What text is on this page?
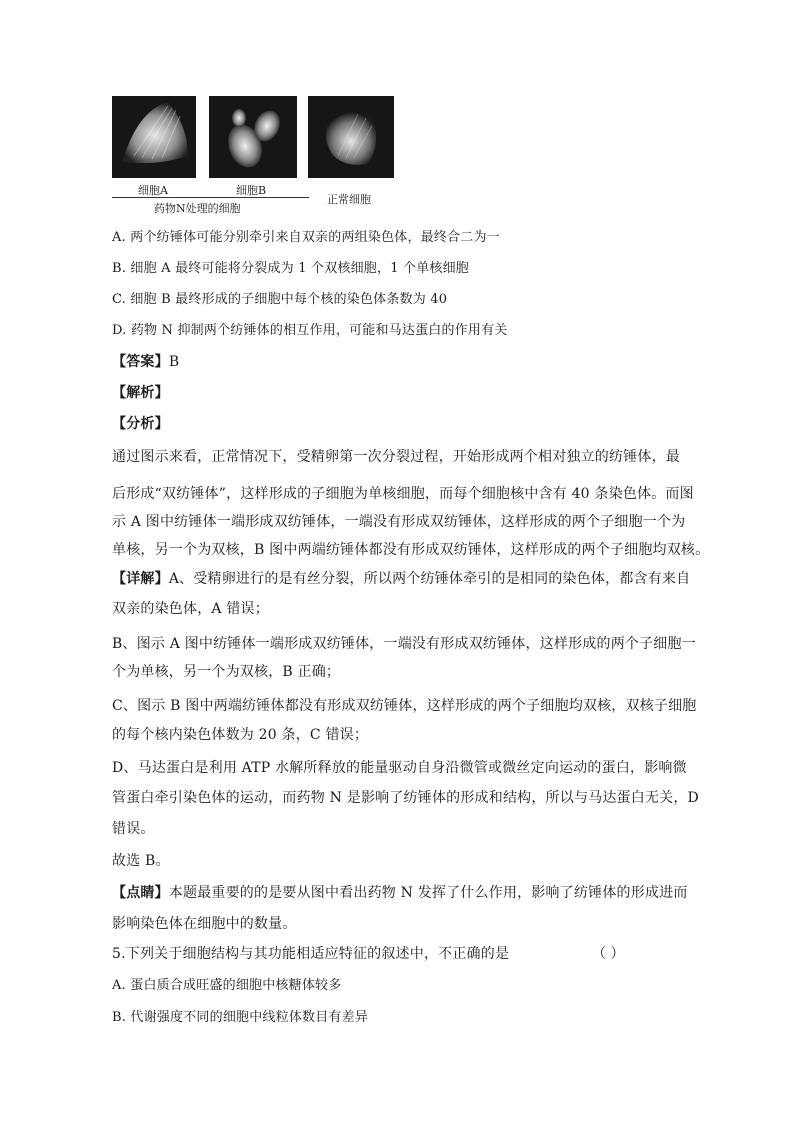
细胞A	细胞B
正常细胞
药物N处理的细胞
A. 两个纺锤体可能分别牵引来自双亲的两组染色体，最终合二为一
B. 细胞 A 最终可能将分裂成为 1 个双核细胞，1 个单核细胞
C. 细胞 B 最终形成的子细胞中每个核的染色体条数为 40
D. 药物 N 抑制两个纺锤体的相互作用，可能和马达蛋白的作用有关
【答案】B
【解析】
【分析】
通过图示来看，正常情况下，受精卵第一次分裂过程，开始形成两个相对独立的纺锤体，最
后形成“双纺锤体”，这样形成的子细胞为单核细胞，而每个细胞核中含有 40 条染色体。而图
示 A 图中纺锤体一端形成双纺锤体，一端没有形成双纺锤体，这样形成的两个子细胞一个为
单核，另一个为双核，B 图中两端纺锤体都没有形成双纺锤体，这样形成的两个子细胞均双核。
【详解】A、受精卵进行的是有丝分裂，所以两个纺锤体牵引的是相同的染色体，都含有来自
双亲的染色体，A 错误；
B、图示 A 图中纺锤体一端形成双纺锤体，一端没有形成双纺锤体，这样形成的两个子细胞一
个为单核，另一个为双核，B 正确；
C、图示 B 图中两端纺锤体都没有形成双纺锤体，这样形成的两个子细胞均双核，双核子细胞
的每个核内染色体数为 20 条，C 错误；
D、马达蛋白是利用 ATP 水解所释放的能量驱动自身沿微管或微丝定向运动的蛋白，影响微
管蛋白牵引染色体的运动，而药物 N 是影响了纺锤体的形成和结构，所以与马达蛋白无关，D
错误。
故选 B。
【点睛】本题最重要的的是要从图中看出药物 N 发挥了什么作用，影响了纺锤体的形成进而
影响染色体在细胞中的数量。
5.下列关于细胞结构与其功能相适应特征的叙述中，不正确的是	（ ）
A. 蛋白质合成旺盛的细胞中核糖体较多
B. 代谢强度不同的细胞中线粒体数目有差异
